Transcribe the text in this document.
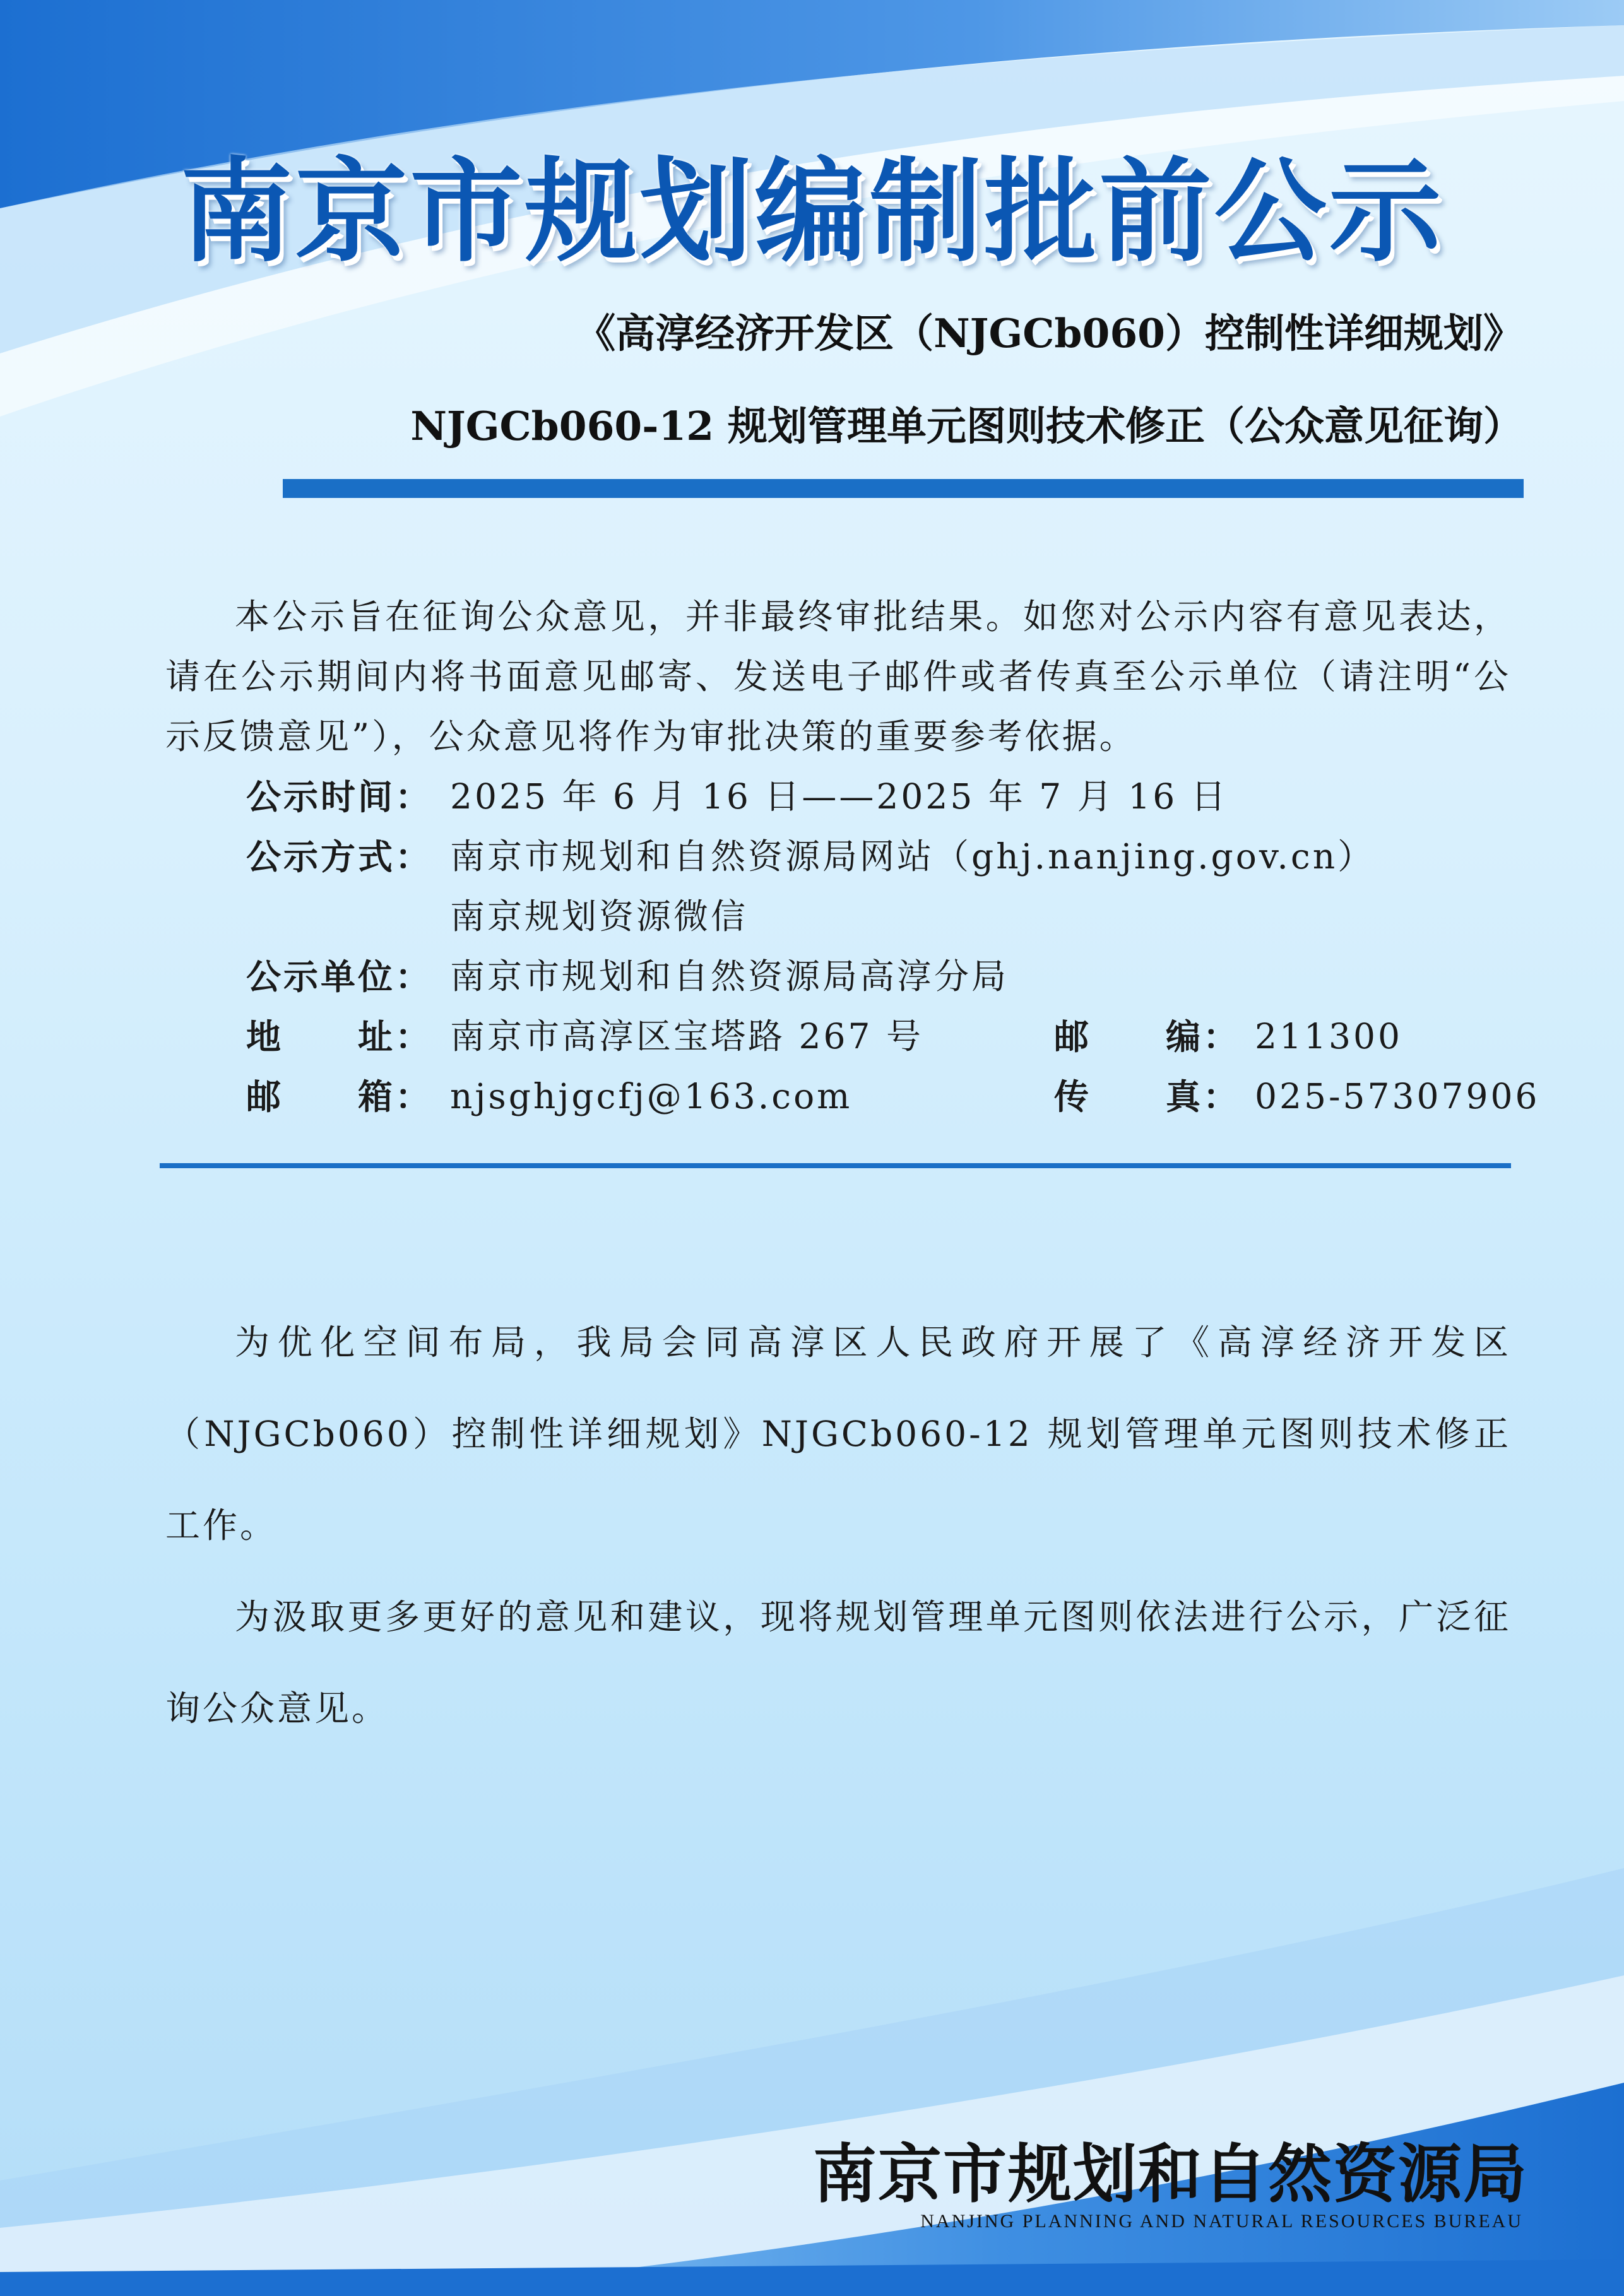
南京市规划编制批前公示
《高淳经济开发区（NJGCb060）控制性详细规划》
NJGCb060-12 规划管理单元图则技术修正（公众意见征询）

本公示旨在征询公众意见，并非最终审批结果。如您对公示内容有意见表达，请在公示期间内将书面意见邮寄、发送电子邮件或者传真至公示单位（请注明“公示反馈意见”），公众意见将作为审批决策的重要参考依据。

公示时间： 2025 年 6 月 16 日——2025 年 7 月 16 日
公示方式： 南京市规划和自然资源局网站（ghj.nanjing.gov.cn）
南京规划资源微信
公示单位： 南京市规划和自然资源局高淳分局
地　　址： 南京市高淳区宝塔路 267 号	邮　　编： 211300
邮　　箱： njsghjgcfj@163.com	传　　真： 025-57307906

为优化空间布局，我局会同高淳区人民政府开展了《高淳经济开发区（NJGCb060）控制性详细规划》NJGCb060-12 规划管理单元图则技术修正工作。

为汲取更多更好的意见和建议，现将规划管理单元图则依法进行公示，广泛征询公众意见。

南京市规划和自然资源局
NANJING PLANNING AND NATURAL RESOURCES BUREAU
